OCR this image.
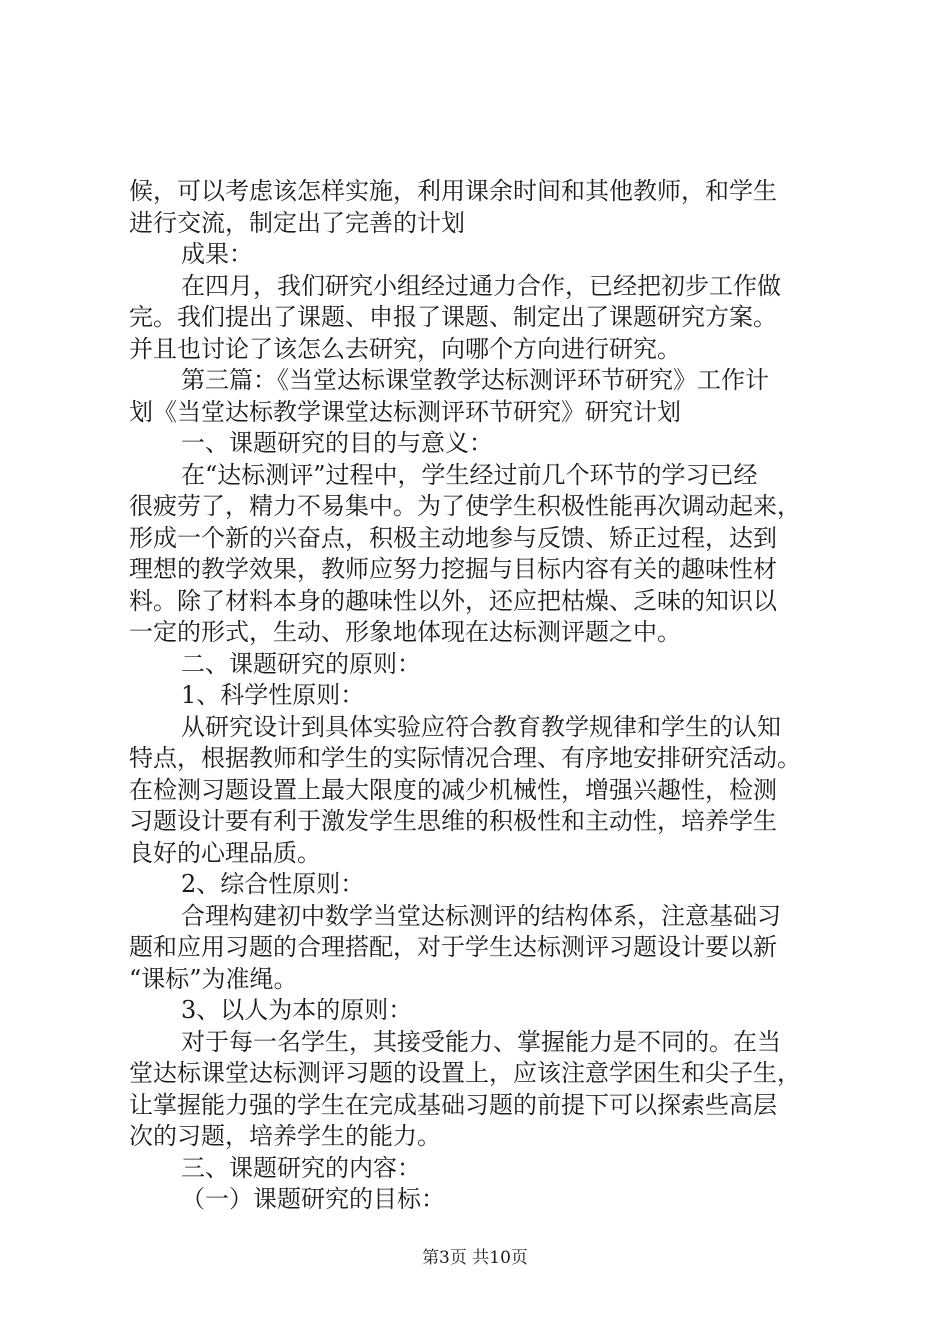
候，可以考虑该怎样实施，利用课余时间和其他教师，和学生
进行交流，制定出了完善的计划
成果：
在四月，我们研究小组经过通力合作，已经把初步工作做
完。我们提出了课题、申报了课题、制定出了课题研究方案。
并且也讨论了该怎么去研究，向哪个方向进行研究。
第三篇：《当堂达标课堂教学达标测评环节研究》工作计
划《当堂达标教学课堂达标测评环节研究》研究计划
一、课题研究的目的与意义：
在“达标测评”过程中，学生经过前几个环节的学习已经
很疲劳了，精力不易集中。为了使学生积极性能再次调动起来，
形成一个新的兴奋点，积极主动地参与反馈、矫正过程，达到
理想的教学效果，教师应努力挖掘与目标内容有关的趣味性材
料。除了材料本身的趣味性以外，还应把枯燥、乏味的知识以
一定的形式，生动、形象地体现在达标测评题之中。
二、课题研究的原则：
1、科学性原则：
从研究设计到具体实验应符合教育教学规律和学生的认知
特点，根据教师和学生的实际情况合理、有序地安排研究活动。
在检测习题设置上最大限度的减少机械性，增强兴趣性，检测
习题设计要有利于激发学生思维的积极性和主动性，培养学生
良好的心理品质。
2、综合性原则：
合理构建初中数学当堂达标测评的结构体系，注意基础习
题和应用习题的合理搭配，对于学生达标测评习题设计要以新
“课标”为准绳。
3、以人为本的原则：
对于每一名学生，其接受能力、掌握能力是不同的。在当
堂达标课堂达标测评习题的设置上，应该注意学困生和尖子生，
让掌握能力强的学生在完成基础习题的前提下可以探索些高层
次的习题，培养学生的能力。
三、课题研究的内容：
（一）课题研究的目标：
第3页 共10页
